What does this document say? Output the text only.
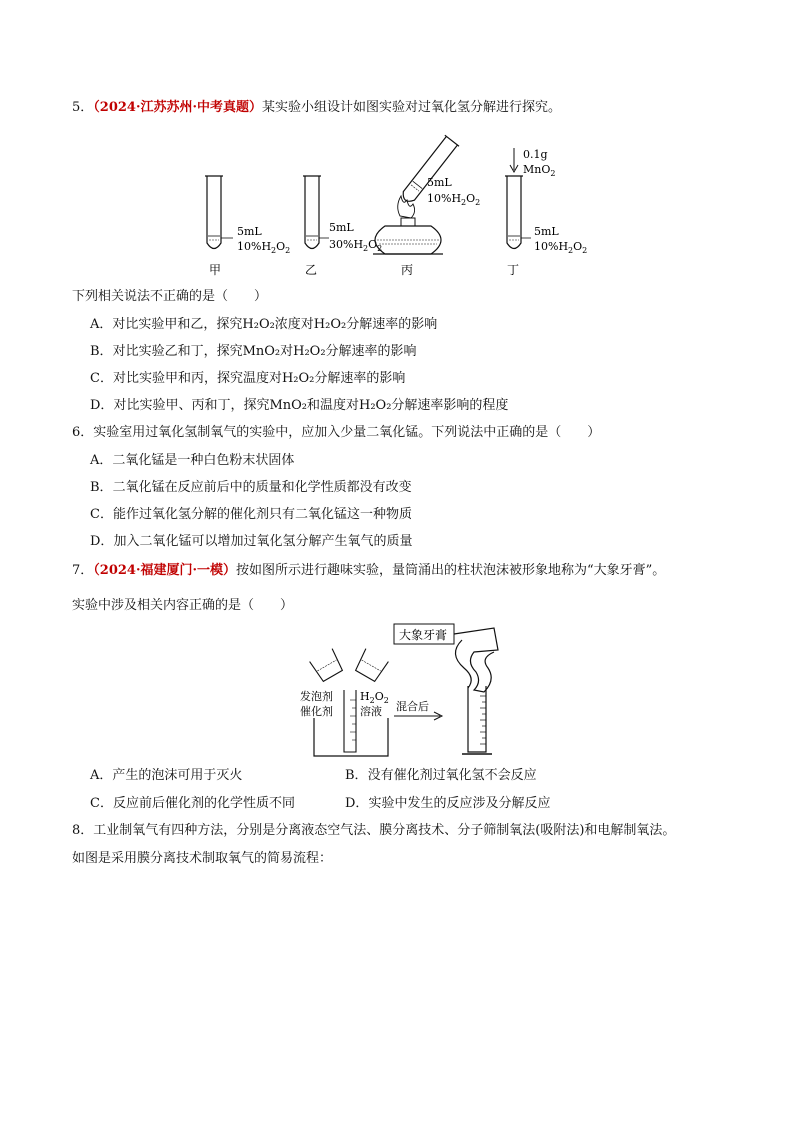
5．（2024·江苏苏州·中考真题）某实验小组设计如图实验对过氧化氢分解进行探究。
5mL
$10\%H_2O_2$
甲
5mL
$30\%H_2O_2$
乙
5mL
$10\%H_2O_2$
丙
0.1g
MnO$_2$
5mL
$10\%H_2O_2$
丁
下列相关说法不正确的是（　　）
A．对比实验甲和乙，探究H₂O₂浓度对H₂O₂分解速率的影响
B．对比实验乙和丁，探究MnO₂对H₂O₂分解速率的影响
C．对比实验甲和丙，探究温度对H₂O₂分解速率的影响
D．对比实验甲、丙和丁，探究MnO₂和温度对H₂O₂分解速率影响的程度
6．实验室用过氧化氢制氧气的实验中，应加入少量二氧化锰。下列说法中正确的是（　　）
A．二氧化锰是一种白色粉末状固体
B．二氧化锰在反应前后中的质量和化学性质都没有改变
C．能作过氧化氢分解的催化剂只有二氧化锰这一种物质
D．加入二氧化锰可以增加过氧化氢分解产生氧气的质量
7．（2024·福建厦门·一模）按如图所示进行趣味实验，量筒涌出的柱状泡沫被形象地称为“大象牙膏”。
实验中涉及相关内容正确的是（　　）
大象牙膏
混合后
发泡剂
催化剂
$H_2O_2$
溶液
A．产生的泡沫可用于灭火	B．没有催化剂过氧化氢不会反应
C．反应前后催化剂的化学性质不同	D．实验中发生的反应涉及分解反应
8．工业制氧气有四种方法，分别是分离液态空气法、膜分离技术、分子筛制氧法(吸附法)和电解制氧法。
如图是采用膜分离技术制取氧气的简易流程：
